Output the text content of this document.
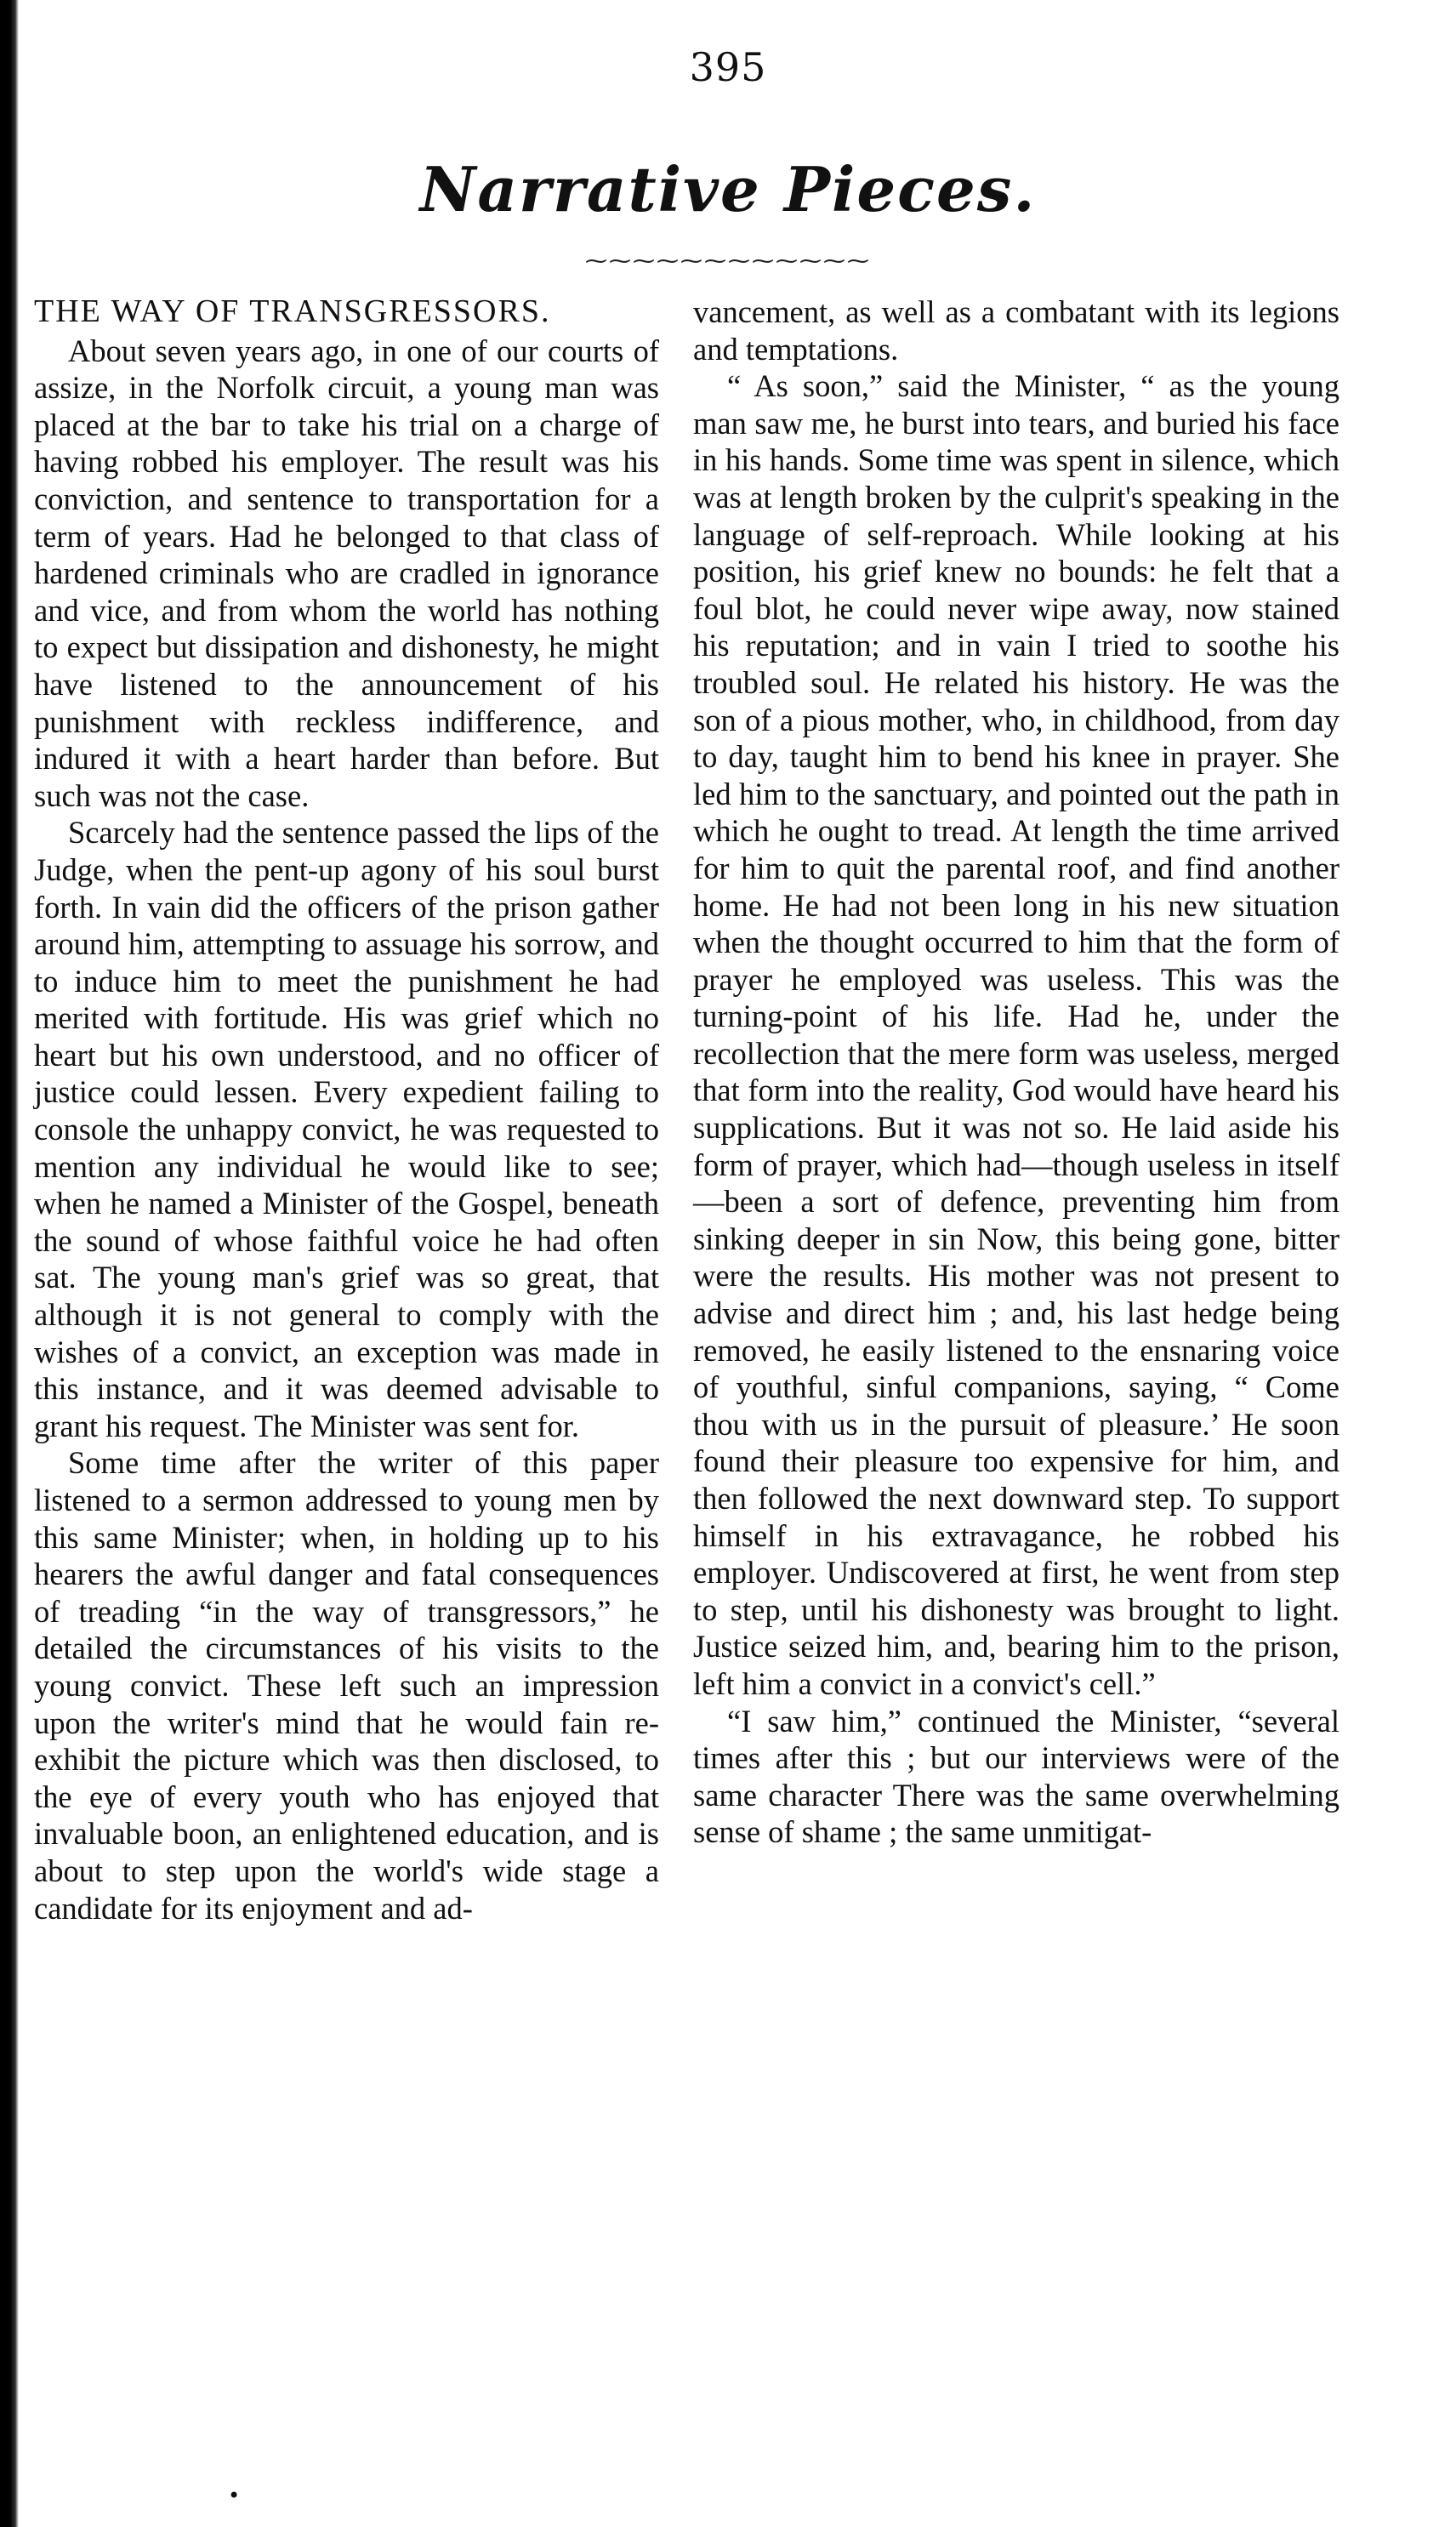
395
Narrative Pieces.
⁓⁓⁓⁓⁓⁓⁓⁓⁓⁓⁓⁓
THE WAY OF TRANSGRESSORS.

About seven years ago, in one of our courts of assize, in the Norfolk circuit, a young man was placed at the bar to take his trial on a charge of having robbed his employer. The result was his conviction, and sentence to transportation for a term of years. Had he belonged to that class of hardened criminals who are cradled in ignorance and vice, and from whom the world has nothing to expect but dissipation and dishonesty, he might have listened to the announcement of his punishment with reckless indifference, and indured it with a heart harder than before. But such was not the case.

Scarcely had the sentence passed the lips of the Judge, when the pent-up agony of his soul burst forth. In vain did the officers of the prison gather around him, attempting to assuage his sorrow, and to induce him to meet the punishment he had merited with fortitude. His was grief which no heart but his own understood, and no officer of justice could lessen. Every expedient failing to console the unhappy convict, he was requested to mention any individual he would like to see; when he named a Minister of the Gospel, beneath the sound of whose faithful voice he had often sat. The young man's grief was so great, that although it is not general to comply with the wishes of a convict, an exception was made in this instance, and it was deemed advisable to grant his request. The Minister was sent for.

Some time after the writer of this paper listened to a sermon addressed to young men by this same Minister; when, in holding up to his hearers the awful danger and fatal consequences of treading “in the way of transgressors,” he detailed the circumstances of his visits to the young convict. These left such an impression upon the writer's mind that he would fain re-exhibit the picture which was then disclosed, to the eye of every youth who has enjoyed that invaluable boon, an enlightened education, and is about to step upon the world's wide stage a candidate for its enjoyment and ad-

vancement, as well as a combatant with its legions and temptations.

“ As soon,” said the Minister, “ as the young man saw me, he burst into tears, and buried his face in his hands. Some time was spent in silence, which was at length broken by the culprit's speaking in the language of self-reproach. While looking at his position, his grief knew no bounds: he felt that a foul blot, he could never wipe away, now stained his reputation; and in vain I tried to soothe his troubled soul. He related his history. He was the son of a pious mother, who, in childhood, from day to day, taught him to bend his knee in prayer. She led him to the sanctuary, and pointed out the path in which he ought to tread. At length the time arrived for him to quit the parental roof, and find another home. He had not been long in his new situation when the thought occurred to him that the form of prayer he employed was useless. This was the turning-point of his life. Had he, under the recollection that the mere form was useless, merged that form into the reality, God would have heard his supplications. But it was not so. He laid aside his form of prayer, which had—though useless in itself—been a sort of defence, preventing him from sinking deeper in sin Now, this being gone, bitter were the results. His mother was not present to advise and direct him ; and, his last hedge being removed, he easily listened to the ensnaring voice of youthful, sinful companions, saying, “ Come thou with us in the pursuit of pleasure.’ He soon found their pleasure too expensive for him, and then followed the next downward step. To support himself in his extravagance, he robbed his employer. Undiscovered at first, he went from step to step, until his dishonesty was brought to light. Justice seized him, and, bearing him to the prison, left him a convict in a convict's cell.”

“I saw him,” continued the Minister, “several times after this ; but our interviews were of the same character There was the same overwhelming sense of shame ; the same unmitigat-

•
